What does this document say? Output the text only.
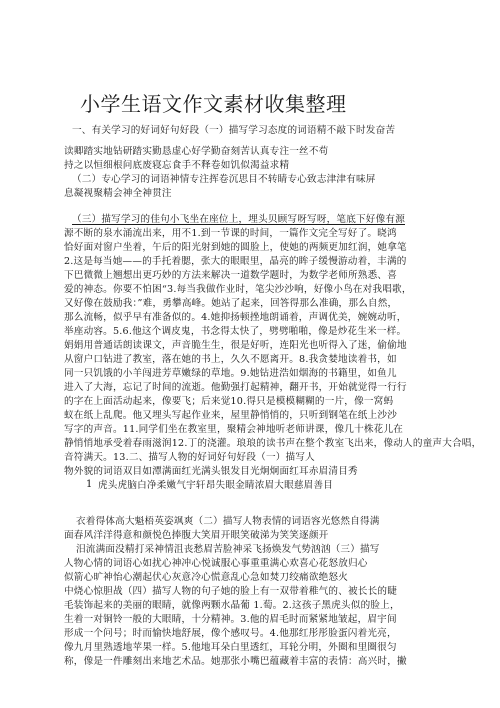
小学生语文作文素材收集整理
一、有关学习的好词好句好段（一）描写学习态度的词语精不敲下时发奋苦
读卿踏实地钻研踏实勤恳虚心好学勤奋刻苦认真专注一丝不苟
持之以恒细根问底废寝忘食手不释卷如饥似渴益求精
（二）专心学习的词语神情专注挥卷沉思目不转睛专心致志津津有味屏
息凝视聚精会神全神贯注
（三）描写学习的佳句小飞坐在座位上，埋头贝顾写呀写呀，笔底下好像有源
源不断的泉水涌流出来，用不1.到一节课的时间，一篇作文完全写好了。晓鸿
恰好面对窗户坐着，午后的阳光射到她的圆脸上，使她的两频更加红润，她拿笔
2.这是每当她——的手托着腮，张大的眼眼里，晶亮的眸子缓慢游动着，丰满的
下巴微微上翘想出更巧妙的方法来解决一道数学题时，为数学老师所熟悉、喜
爱的神态。你要不怕困“3.每当我做作业时，笔尖沙沙响，好像小鸟在对我唱歌，
又好像在鼓励我：”难，勇攀高峰。她站了起来，回答得那么准确，那么自然，
那么流畅，似乎早有准备似的。4.她抑扬顿挫地朗诵着，声调优美，婉婉动听，
举座动容。5.6.他这个调皮鬼，书念得太快了，劈劈啪啪，像是炒花生米一样。
娟娟用普通话朗读课文，声音脆生生，很是好听，连阳光也听得入了迷，偷偷地
从窗户口钻进了教室，落在她的书上，久久不愿离开。8.我贪婪地读着书，如
同一只饥饿的小羊闯进芳草嫩绿的草地。9.她钻进浩如烟海的书籍里，如鱼儿
进入了大海，忘记了时间的流逝。他勤强打起精神，翻开书，开始就觉得一行行
的字在上面活动起来，像要飞；后来觉10.得只是模模糊糊的一片，像一窝蚂
蚁在纸上乱爬。他又埋头写起作业来，屋里静悄悄的，只听到钢笔在纸上沙沙
写字的声音。11.同学们坐在教室里，聚精会神地听老师讲课，像几十株花儿在
静悄悄地承受着春雨滋润12.丁的浇灌。琅琅的读书声在整个教室飞出来，像动人的童声大合唱，
音符满天。13.二、描写人物的好词好句好段（一）描写人
物外貌的词语双目如潭满面红光满头银发目光炯炯面红耳赤眉清目秀
虎头虎脑白净柔嫩气宇轩昂失眼金睛浓眉大眼慈眉善目
1
衣着得体高大魁梧英姿飒爽（二）描写人物表情的词语容光悠然自得满
面春风洋洋得意和颜悦色捧腹大笑眉开眼笑破涕为笑笑逐颜开
汨流满面没精打采神情沮丧愁眉苦脸神采飞扬焕发气势汹汹（三）描写
人物心情的词语心如扰心神冲心悦诚服心事重重满心欢喜心花怒放归心
似箭心旷神怡心潮起伏心灰意冷心慌意乱心急如焚刀绞痛欲绝怒火
中烧心惊胆战（四）描写人物的句子她的脸上有一双带着稚气的、被长长的睫
毛装饰起来的美丽的眼睛，就像两颗水晶葡 1.萄。2.这孩子黑虎头似的脸上，
生着一对铜铃一般的大眼睛，十分精神。3.他的眉毛时而紧紧地皱起，眉宇间
形成一个问号；时而愉快地舒展，像个感叹号。4.他那红彤彤脸蛋闪着光亮，
像九月里熟透地苹果一样。5.他地耳朵白里透红，耳轮分明，外圈和里圈很匀
称，像是一件雕刻出来地艺术品。她那张小嘴巴蕴藏着丰富的表情：高兴时，撇
